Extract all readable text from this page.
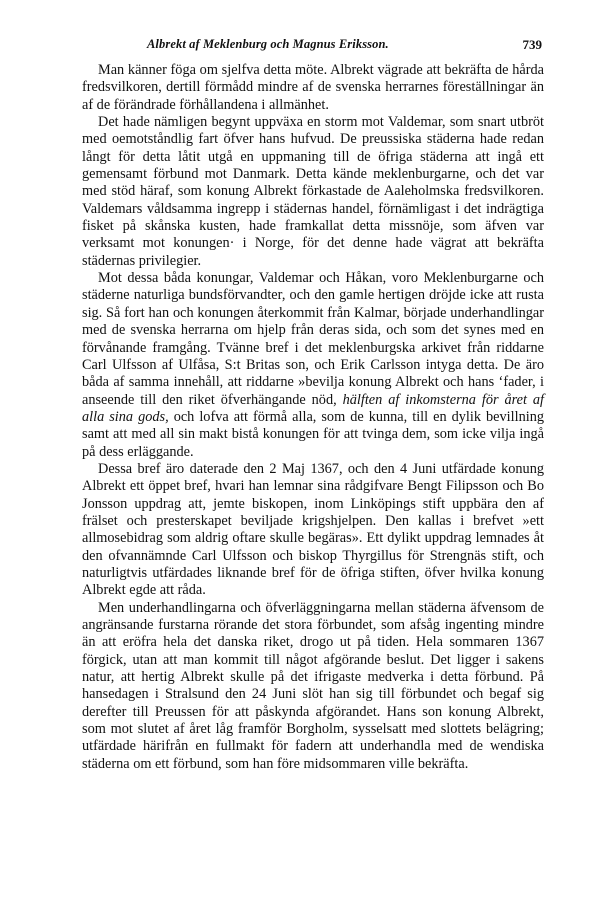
Albrekt af Meklenburg och Magnus Eriksson.	739

Man känner föga om sjelfva detta möte. Albrekt vägrade att bekräfta de hårda fredsvilkoren, dertill förmådd mindre af de svenska herrarnes föreställningar än af de förändrade förhållandena i allmänhet.

Det hade nämligen begynt uppväxa en storm mot Valdemar, som snart utbröt med oemotståndlig fart öfver hans hufvud. De preussiska städerna hade redan långt för detta låtit utgå en uppmaning till de öfriga städerna att ingå ett gemensamt förbund mot Danmark. Detta kände meklenburgarne, och det var med stöd häraf, som konung Albrekt förkastade de Aaleholmska fredsvilkoren. Valdemars våldsamma ingrepp i städernas handel, förnämligast i det indrägtiga fisket på skånska kusten, hade framkallat detta missnöje, som äfven var verksamt mot konungen· i Norge, för det denne hade vägrat att bekräfta städernas privilegier.

Mot dessa båda konungar, Valdemar och Håkan, voro Meklenburgarne och städerne naturliga bundsförvandter, och den gamle hertigen dröjde icke att rusta sig. Så fort han och konungen återkommit från Kalmar, började underhandlingar med de svenska herrarna om hjelp från deras sida, och som det synes med en förvånande framgång. Tvänne bref i det meklenburgska arkivet från riddarne Carl Ulfsson af Ulfåsa, S:t Britas son, och Erik Carlsson intyga detta. De äro båda af samma innehåll, att riddarne »bevilja konung Albrekt och hans ʻfader, i anseende till den riket öfverhängande nöd, hälften af inkomsterna för året af alla sina gods, och lofva att förmå alla, som de kunna, till en dylik bevillning samt att med all sin makt bistå konungen för att tvinga dem, som icke vilja ingå på dess erläggande.

Dessa bref äro daterade den 2 Maj 1367, och den 4 Juni utfärdade konung Albrekt ett öppet bref, hvari han lemnar sina rådgifvare Bengt Filipsson och Bo Jonsson uppdrag att, jemte biskopen, inom Linköpings stift uppbära den af frälset och presterskapet beviljade krigshjelpen. Den kallas i brefvet »ett allmosebidrag som aldrig oftare skulle begäras». Ett dylikt uppdrag lemnades åt den ofvannämnde Carl Ulfsson och biskop Thyrgillus för Strengnäs stift, och naturligtvis utfärdades liknande bref för de öfriga stiften, öfver hvilka konung Albrekt egde att råda.

Men underhandlingarna och öfverläggningarna mellan städerna äfvensom de angränsande furstarna rörande det stora förbundet, som afsåg ingenting mindre än att eröfra hela det danska riket, drogo ut på tiden. Hela sommaren 1367 förgick, utan att man kommit till något afgörande beslut. Det ligger i sakens natur, att hertig Albrekt skulle på det ifrigaste medverka i detta förbund. På hansedagen i Stralsund den 24 Juni slöt han sig till förbundet och begaf sig derefter till Preussen för att påskynda afgörandet. Hans son konung Albrekt, som mot slutet af året låg framför Borgholm, sysselsatt med slottets belägring; utfärdade härifrån en fullmakt för fadern att underhandla med de wendiska städerna om ett förbund, som han före midsommaren ville bekräfta.
